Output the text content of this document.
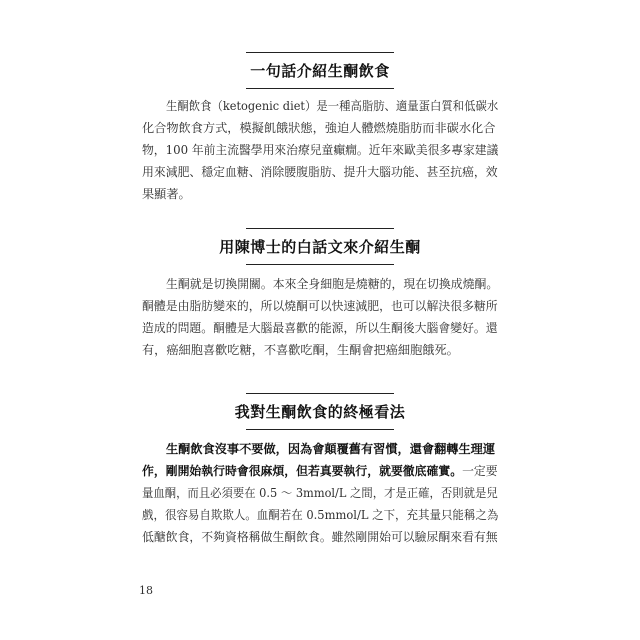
一句話介紹生酮飲食
生酮飲食（ketogenic diet）是一種高脂肪、適量蛋白質和低碳水
化合物飲食方式，模擬飢餓狀態，強迫人體燃燒脂肪而非碳水化合
物，100 年前主流醫學用來治療兒童癲癇。近年來歐美很多專家建議
用來減肥、穩定血糖、消除腰腹脂肪、提升大腦功能、甚至抗癌，效
果顯著。
用陳博士的白話文來介紹生酮
生酮就是切換開關。本來全身細胞是燒糖的，現在切換成燒酮。
酮體是由脂肪變來的，所以燒酮可以快速減肥，也可以解決很多糖所
造成的問題。酮體是大腦最喜歡的能源，所以生酮後大腦會變好。還
有，癌細胞喜歡吃糖，不喜歡吃酮，生酮會把癌細胞餓死。
我對生酮飲食的終極看法
生酮飲食沒事不要做，因為會顛覆舊有習慣，還會翻轉生理運
作，剛開始執行時會很麻煩，但若真要執行，就要徹底確實。一定要
量血酮，而且必須要在 0.5 ～ 3mmol/L 之間，才是正確，否則就是兒
戲，很容易自欺欺人。血酮若在 0.5mmol/L 之下，充其量只能稱之為
低醣飲食，不夠資格稱做生酮飲食。雖然剛開始可以驗尿酮來看有無
18
